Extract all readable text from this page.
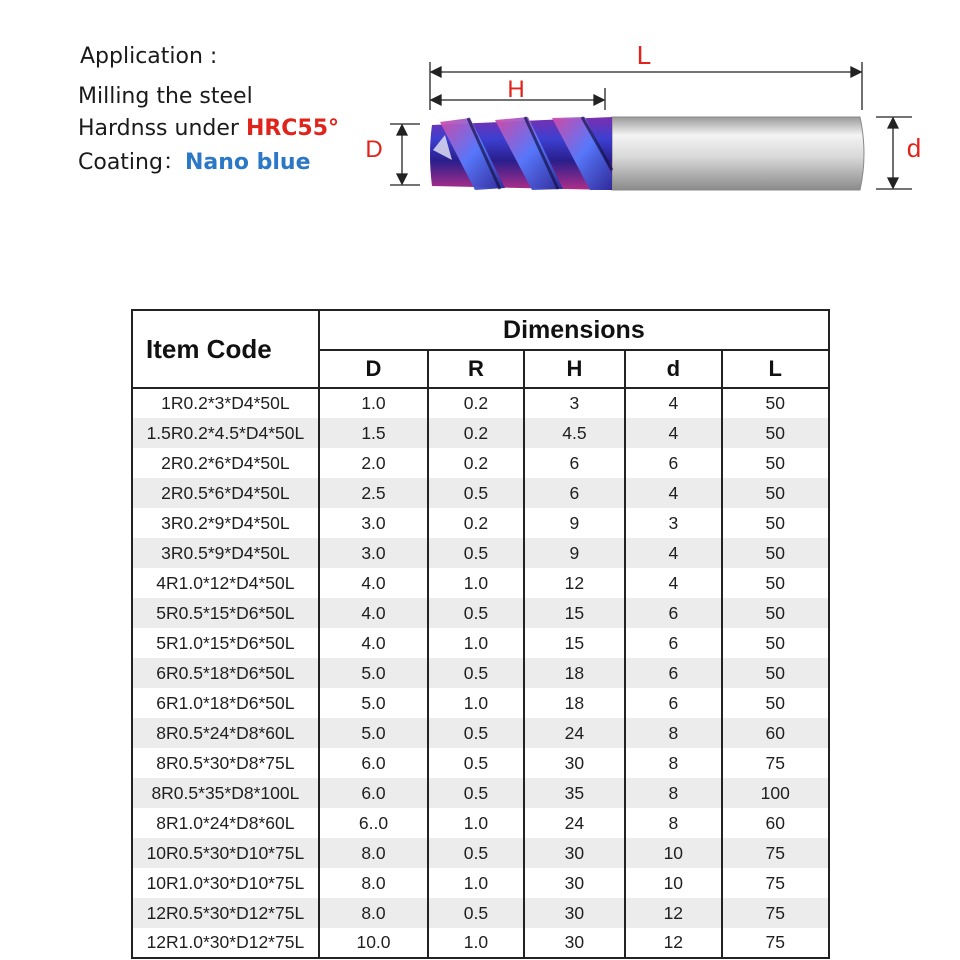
Application :
Milling the steel
Hardnss under HRC55°
Coating：Nano blue
L
H
D	d
Item Code	Dimensions				
	D	R	H	d	L
1R0.2*3*D4*50L	1.0	0.2	3	4	50
1.5R0.2*4.5*D4*50L	1.5	0.2	4.5	4	50
2R0.2*6*D4*50L	2.0	0.2	6	6	50
2R0.5*6*D4*50L	2.5	0.5	6	4	50
3R0.2*9*D4*50L	3.0	0.2	9	3	50
3R0.5*9*D4*50L	3.0	0.5	9	4	50
4R1.0*12*D4*50L	4.0	1.0	12	4	50
5R0.5*15*D6*50L	4.0	0.5	15	6	50
5R1.0*15*D6*50L	4.0	1.0	15	6	50
6R0.5*18*D6*50L	5.0	0.5	18	6	50
6R1.0*18*D6*50L	5.0	1.0	18	6	50
8R0.5*24*D8*60L	5.0	0.5	24	8	60
8R0.5*30*D8*75L	6.0	0.5	30	8	75
8R0.5*35*D8*100L	6.0	0.5	35	8	100
8R1.0*24*D8*60L	6..0	1.0	24	8	60
10R0.5*30*D10*75L	8.0	0.5	30	10	75
10R1.0*30*D10*75L	8.0	1.0	30	10	75
12R0.5*30*D12*75L	8.0	0.5	30	12	75
12R1.0*30*D12*75L	10.0	1.0	30	12	75
